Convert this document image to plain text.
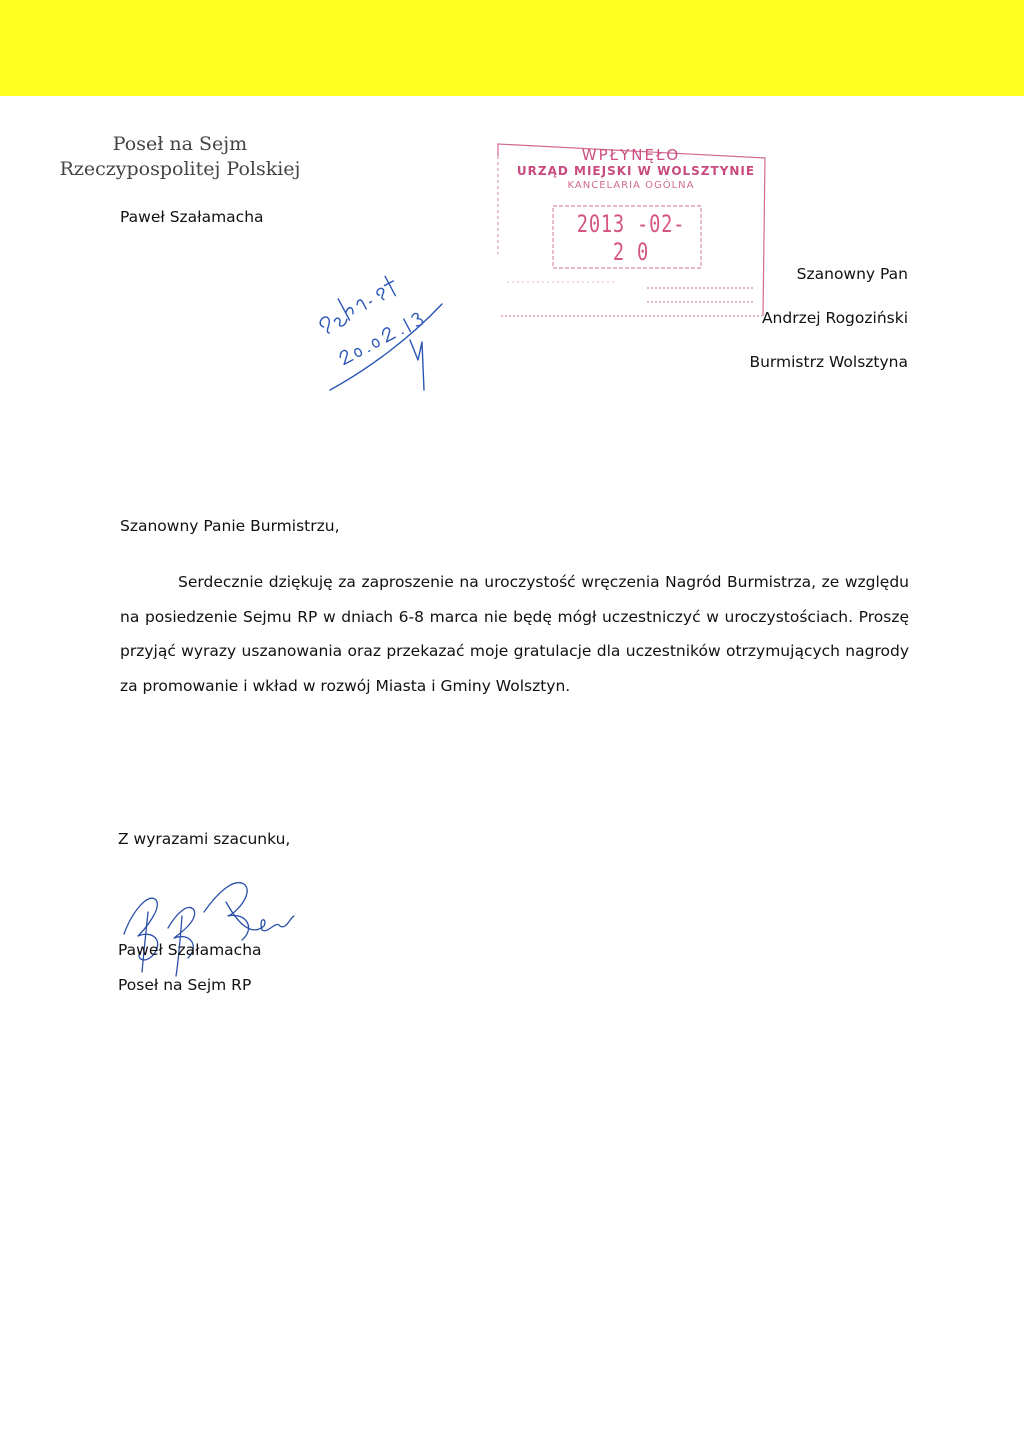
Poseł na Sejm
Rzeczypospolitej Polskiej
Paweł Szałamacha
WPŁYNĘŁO
URZĄD MIEJSKI W WOLSZTYNIE
KANCELARIA OGÓLNA
2013 -02- 2 0
Szanowny Pan
Andrzej Rogoziński
Burmistrz Wolsztyna
Szanowny Panie Burmistrzu,
Serdecznie dziękuję za zaproszenie na uroczystość wręczenia Nagród Burmistrza, ze względu na posiedzenie Sejmu RP w dniach 6-8 marca nie będę mógł uczestniczyć w uroczystościach. Proszę przyjąć wyrazy uszanowania oraz przekazać moje gratulacje dla uczestników otrzymujących nagrody za promowanie i wkład w rozwój Miasta i Gminy Wolsztyn.
Z wyrazami szacunku,
Paweł Szałamacha
Poseł na Sejm RP
